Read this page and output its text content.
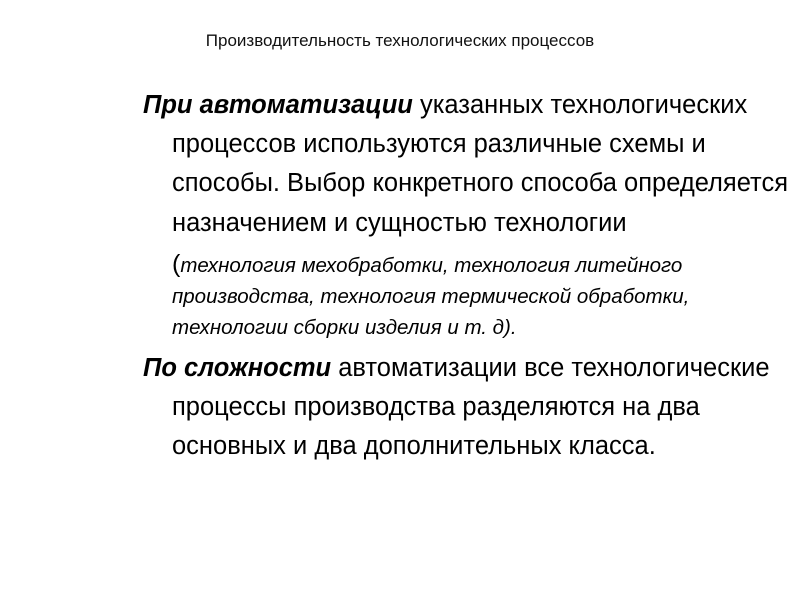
Производительность технологических процессов

При автоматизации указанных технологических процессов используются различные схемы и способы. Выбор конкретного способа определяется назначением и сущностью технологии

(технология мехобработки, технология литейного производства, технология термической обработки, технологии сборки изделия и т. д).

По сложности автоматизации все технологические процессы производства разделяются на два основных и два дополнительных класса.
